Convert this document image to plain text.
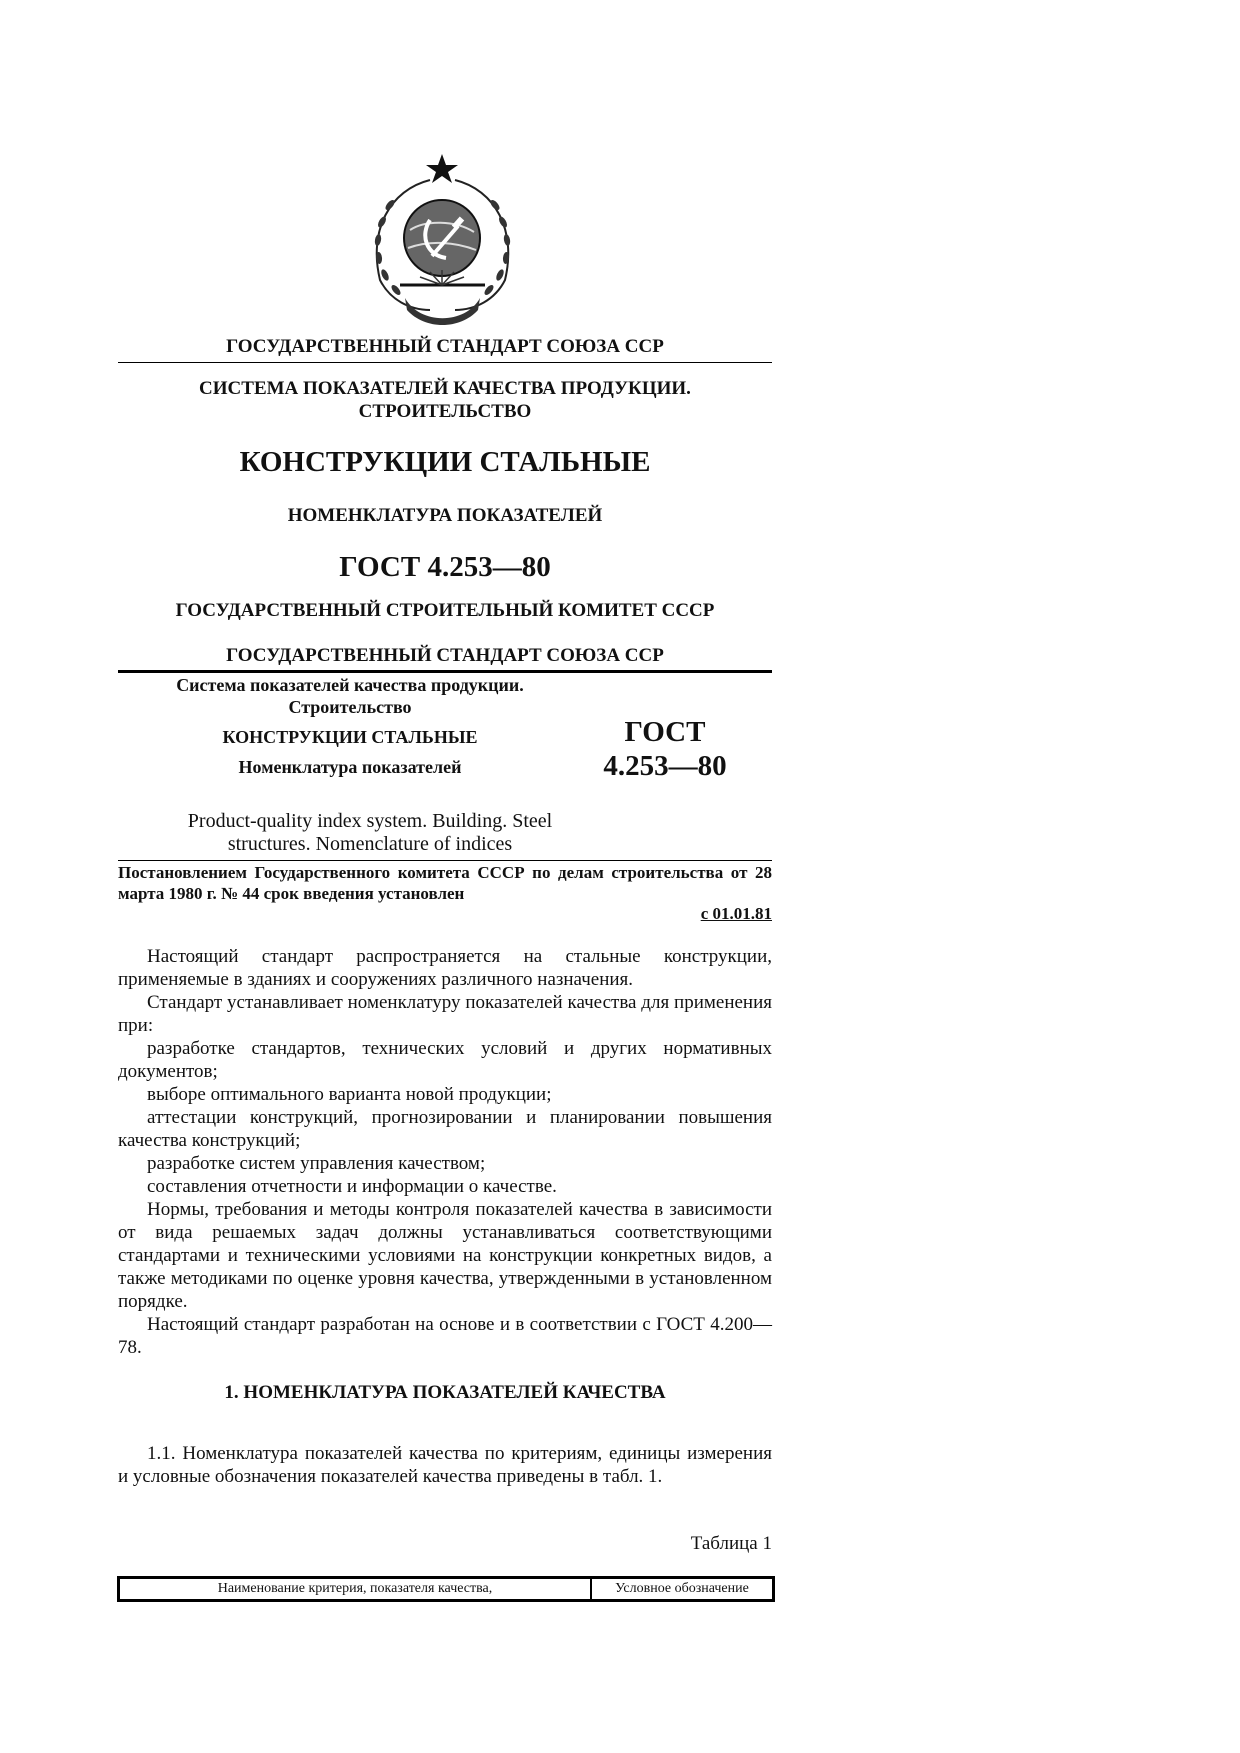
ГОСУДАРСТВЕННЫЙ СТАНДАРТ СОЮЗА ССР
СИСТЕМА ПОКАЗАТЕЛЕЙ КАЧЕСТВА ПРОДУКЦИИ.
СТРОИТЕЛЬСТВО
КОНСТРУКЦИИ СТАЛЬНЫЕ
НОМЕНКЛАТУРА ПОКАЗАТЕЛЕЙ
ГОСТ 4.253—80
ГОСУДАРСТВЕННЫЙ СТРОИТЕЛЬНЫЙ КОМИТЕТ СССР
ГОСУДАРСТВЕННЫЙ СТАНДАРТ СОЮЗА ССР
Система показателей качества продукции.
Строительство
КОНСТРУКЦИИ СТАЛЬНЫЕ
Номенклатура показателей
ГОСТ
4.253—80
Product-quality index system. Building. Steel
structures. Nomenclature of indices
Постановлением Государственного комитета СССР по делам строительства от 28 марта 1980 г. № 44 срок введения установлен
с 01.01.81

Настоящий стандарт распространяется на стальные конструкции, применяемые в зданиях и сооружениях различного назначения.

Стандарт устанавливает номенклатуру показателей качества для применения при:

разработке стандартов, технических условий и других нормативных документов;

выборе оптимального варианта новой продукции;

аттестации конструкций, прогнозировании и планировании повышения качества конструкций;

разработке систем управления качеством;

составления отчетности и информации о качестве.

Нормы, требования и методы контроля показателей качества в зависимости от вида решаемых задач должны устанавливаться соответствующими стандартами и техническими условиями на конструкции конкретных видов, а также методиками по оценке уровня качества, утвержденными в установленном порядке.

Настоящий стандарт разработан на основе и в соответствии с ГОСТ 4.200—78.

1. НОМЕНКЛАТУРА ПОКАЗАТЕЛЕЙ КАЧЕСТВА

1.1. Номенклатура показателей качества по критериям, единицы измерения и условные обозначения показателей качества приведены в табл. 1.

Таблица 1
Наименование критерия, показателя качества,	Условное обозначение
